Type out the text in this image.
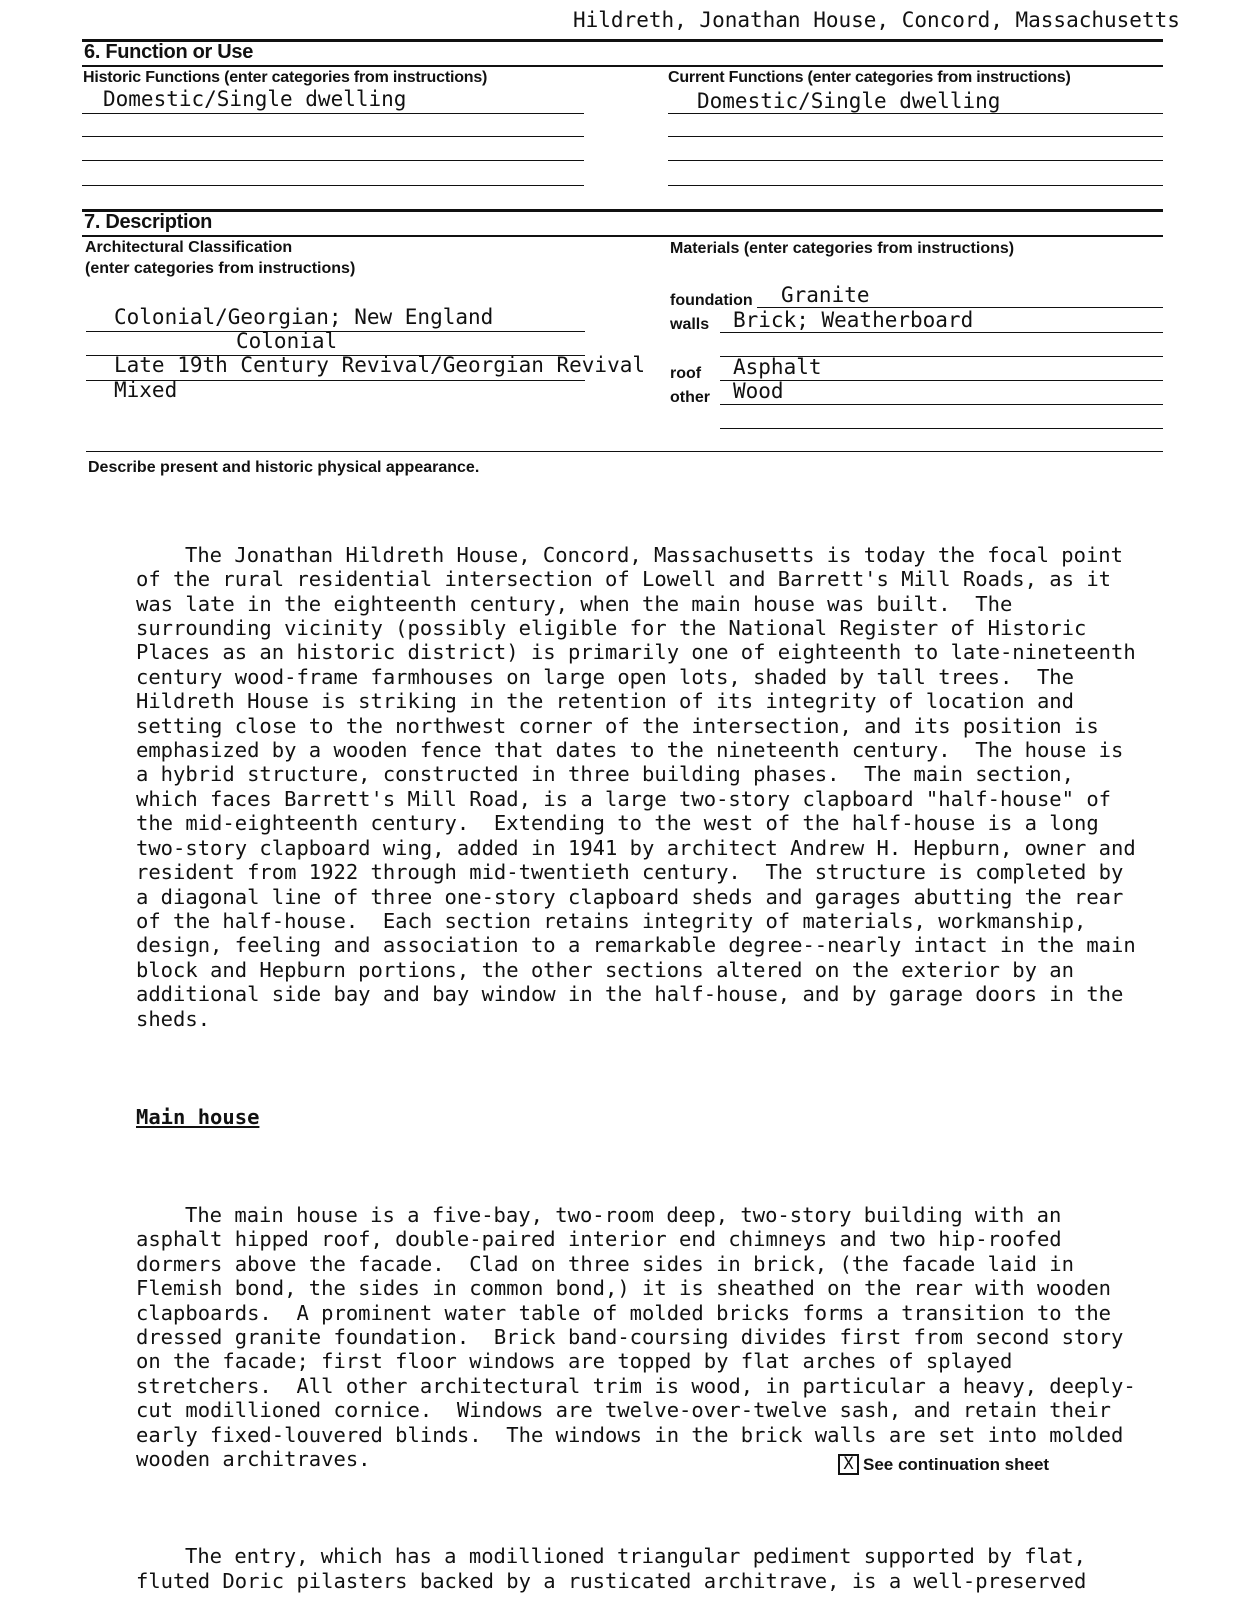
Hildreth, Jonathan House, Concord, Massachusetts
6. Function or Use
Historic Functions (enter categories from instructions)
Domestic/Single dwelling
Current Functions (enter categories from instructions)
Domestic/Single dwelling
7. Description
Architectural Classification
(enter categories from instructions)
Colonial/Georgian; New England
Colonial
Late 19th Century Revival/Georgian Revival
Mixed
Materials (enter categories from instructions)
foundation Granite
walls Brick; Weatherboard
roof Asphalt
other Wood
Describe present and historic physical appearance.

The Jonathan Hildreth House, Concord, Massachusetts is today the focal point of the rural residential intersection of Lowell and Barrett's Mill Roads, as it was late in the eighteenth century, when the main house was built.  The surrounding vicinity (possibly eligible for the National Register of Historic Places as an historic district) is primarily one of eighteenth to late-nineteenth century wood-frame farmhouses on large open lots, shaded by tall trees.  The Hildreth House is striking in the retention of its integrity of location and setting close to the northwest corner of the intersection, and its position is emphasized by a wooden fence that dates to the nineteenth century.  The house is a hybrid structure, constructed in three building phases.  The main section, which faces Barrett's Mill Road, is a large two-story clapboard "half-house" of the mid-eighteenth century.  Extending to the west of the half-house is a long two-story clapboard wing, added in 1941 by architect Andrew H. Hepburn, owner and resident from 1922 through mid-twentieth century.  The structure is completed by a diagonal line of three one-story clapboard sheds and garages abutting the rear of the half-house.  Each section retains integrity of materials, workmanship, design, feeling and association to a remarkable degree--nearly intact in the main block and Hepburn portions, the other sections altered on the exterior by an additional side bay and bay window in the half-house, and by garage doors in the sheds.

Main house

The main house is a five-bay, two-room deep, two-story building with an asphalt hipped roof, double-paired interior end chimneys and two hip-roofed dormers above the facade.  Clad on three sides in brick, (the facade laid in Flemish bond, the sides in common bond,) it is sheathed on the rear with wooden clapboards.  A prominent water table of molded bricks forms a transition to the dressed granite foundation.  Brick band-coursing divides first from second story on the facade; first floor windows are topped by flat arches of splayed stretchers.  All other architectural trim is wood, in particular a heavy, deeply-cut modillioned cornice.  Windows are twelve-over-twelve sash, and retain their early fixed-louvered blinds.  The windows in the brick walls are set into molded wooden architraves.

The entry, which has a modillioned triangular pediment supported by flat, fluted Doric pilasters backed by a rusticated architrave, is a well-preserved

X See continuation sheet
